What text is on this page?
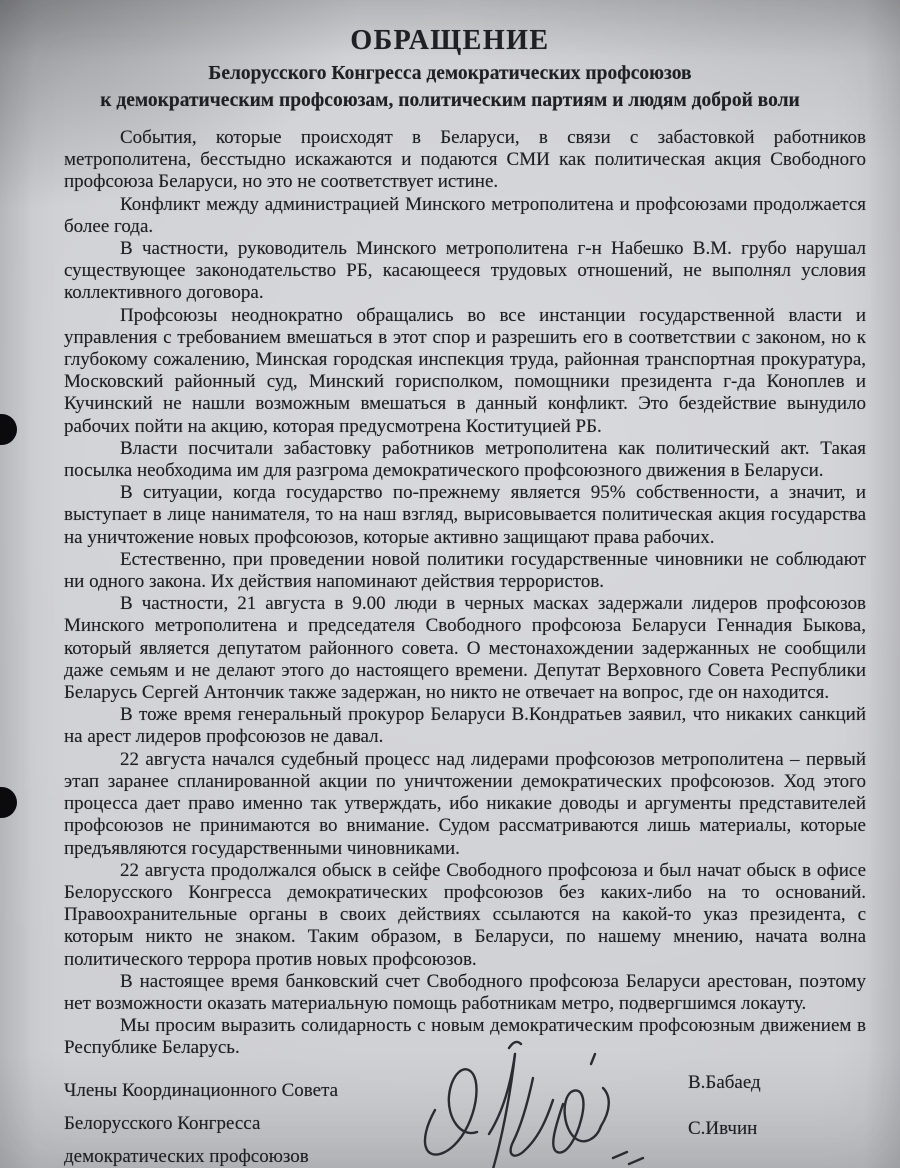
ОБРАЩЕНИЕ
Белорусского Конгресса демократических профсоюзов
к демократическим профсоюзам, политическим партиям и людям доброй воли

События, которые происходят в Беларуси, в связи с забастовкой работников метрополитена, бесстыдно искажаются и подаются СМИ как политическая акция Свободного профсоюза Беларуси, но это не соответствует истине.

Конфликт между администрацией Минского метрополитена и профсоюзами продолжается более года.

В частности, руководитель Минского метрополитена г-н Набешко В.М. грубо нарушал существующее законодательство РБ, касающееся трудовых отношений, не выполнял условия коллективного договора.

Профсоюзы неоднократно обращались во все инстанции государственной власти и управления с требованием вмешаться в этот спор и разрешить его в соответствии с законом, но к глубокому сожалению, Минская городская инспекция труда, районная транспортная прокуратура, Московский районный суд, Минский горисполком, помощники президента г-да Коноплев и Кучинский не нашли возможным вмешаться в данный конфликт. Это бездействие вынудило рабочих пойти на акцию, которая предусмотрена Коституцией РБ.

Власти посчитали забастовку работников метрополитена как политический акт. Такая посылка необходима им для разгрома демократического профсоюзного движения в Беларуси.

В ситуации, когда государство по-прежнему является 95% собственности, а значит, и выступает в лице нанимателя, то на наш взгляд, вырисовывается политическая акция государства на уничтожение новых профсоюзов, которые активно защищают права рабочих.

Естественно, при проведении новой политики государственные чиновники не соблюдают ни одного закона. Их действия напоминают действия террористов.

В частности, 21 августа в 9.00 люди в черных масках задержали лидеров профсоюзов Минского метрополитена и председателя Свободного профсоюза Беларуси Геннадия Быкова, который является депутатом районного совета. О местонахождении задержанных не сообщили даже семьям и не делают этого до настоящего времени. Депутат Верховного Совета Республики Беларусь Сергей Антончик также задержан, но никто не отвечает на вопрос, где он находится.

В тоже время генеральный прокурор Беларуси В.Кондратьев заявил, что никаких санкций на арест лидеров профсоюзов не давал.

22 августа начался судебный процесс над лидерами профсоюзов метрополитена – первый этап заранее спланированной акции по уничтожении демократических профсоюзов. Ход этого процесса дает право именно так утверждать, ибо никакие доводы и аргументы представителей профсоюзов не принимаются во внимание. Судом рассматриваются лишь материалы, которые предъявляются государственными чиновниками.

22 августа продолжался обыск в сейфе Свободного профсоюза и был начат обыск в офисе Белорусского Конгресса демократических профсоюзов без каких-либо на то оснований. Правоохранительные органы в своих действиях ссылаются на какой-то указ президента, с которым никто не знаком. Таким образом, в Беларуси, по нашему мнению, начата волна политического террора против новых профсоюзов.

В настоящее время банковский счет Свободного профсоюза Беларуси арестован, поэтому нет возможности оказать материальную помощь работникам метро, подвергшимся локауту.

Мы просим выразить солидарность с новым демократическим профсоюзным движением в Республике Беларусь.

Члены Координационного Совета
Белорусского Конгресса
демократических профсоюзов
В.Бабаед
С.Ивчин
